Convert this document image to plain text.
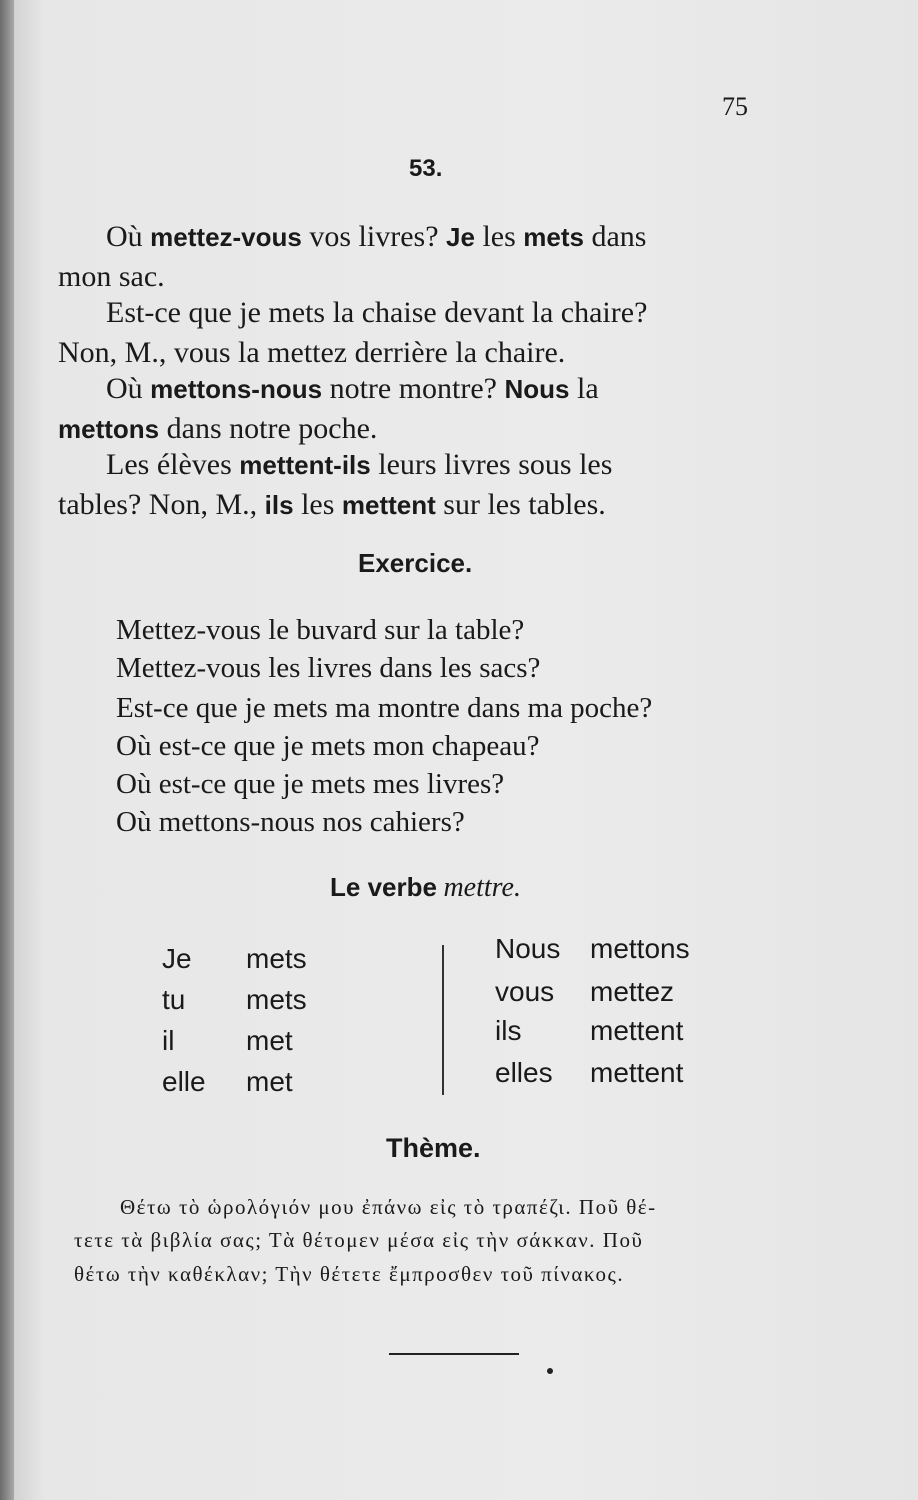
75
53.
Où mettez-vous vos livres? Je les mets dans
mon sac.
Est-ce que je mets la chaise devant la chaire?
Non, M., vous la mettez derrière la chaire.
Où mettons-nous notre montre? Nous la
mettons dans notre poche.
Les élèves mettent-ils leurs livres sous les
tables? Non, M., ils les mettent sur les tables.
Exercice.
Mettez-vous le buvard sur la table?
Mettez-vous les livres dans les sacs?
Est-ce que je mets ma montre dans ma poche?
Où est-ce que je mets mon chapeau?
Où est-ce que je mets mes livres?
Où mettons-nous nos cahiers?
Le verbe mettre.
Je mets
tu mets
il	met
elle met
Nous mettons
vous mettez
ils mettent
elles mettent
Thème.
Θέτω τὸ ὡρολόγιόν μου ἐπάνω εἰς τὸ τραπέζι. Ποῦ θέ-
τετε τὰ βιβλία σας; Τὰ θέτομεν μέσα εἰς τὴν σάκκαν. Ποῦ
θέτω τὴν καθέκλαν; Τὴν θέτετε ἔμπροσθεν τοῦ πίνακος.
